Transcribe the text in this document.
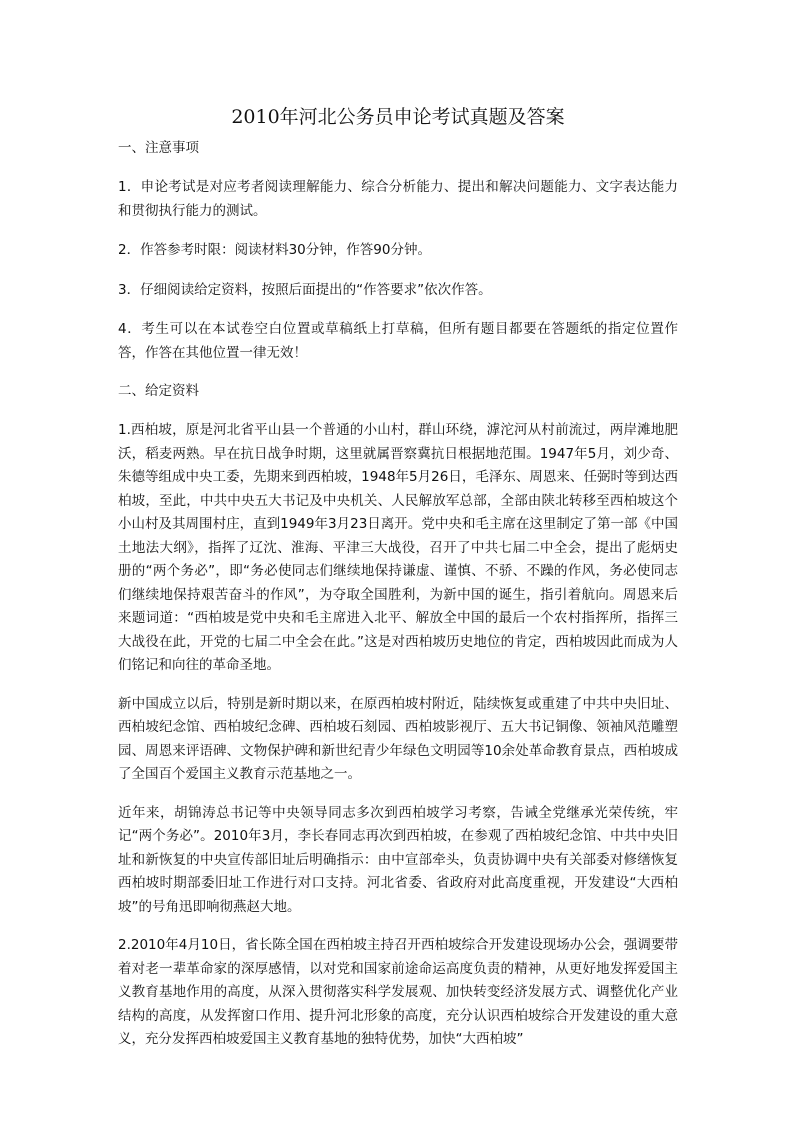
2010年河北公务员申论考试真题及答案
一、注意事项

1．申论考试是对应考者阅读理解能力、综合分析能力、提出和解决问题能力、文字表达能力和贯彻执行能力的测试。

2．作答参考时限：阅读材料30分钟，作答90分钟。

3．仔细阅读给定资料，按照后面提出的“作答要求”依次作答。

4．考生可以在本试卷空白位置或草稿纸上打草稿，但所有题目都要在答题纸的指定位置作答，作答在其他位置一律无效！

二、给定资料

1.西柏坡，原是河北省平山县一个普通的小山村，群山环绕，滹沱河从村前流过，两岸滩地肥沃，稻麦两熟。早在抗日战争时期，这里就属晋察冀抗日根据地范围。1947年5月，刘少奇、朱德等组成中央工委，先期来到西柏坡，1948年5月26日，毛泽东、周恩来、任弼时等到达西柏坡，至此，中共中央五大书记及中央机关、人民解放军总部，全部由陕北转移至西柏坡这个小山村及其周围村庄，直到1949年3月23日离开。党中央和毛主席在这里制定了第一部《中国土地法大纲》，指挥了辽沈、淮海、平津三大战役，召开了中共七届二中全会，提出了彪炳史册的“两个务必”，即“务必使同志们继续地保持谦虚、谨慎、不骄、不躁的作风，务必使同志们继续地保持艰苦奋斗的作风”，为夺取全国胜利，为新中国的诞生，指引着航向。周恩来后来题词道：“西柏坡是党中央和毛主席进入北平、解放全中国的最后一个农村指挥所，指挥三大战役在此，开党的七届二中全会在此。”这是对西柏坡历史地位的肯定，西柏坡因此而成为人们铭记和向往的革命圣地。

新中国成立以后，特别是新时期以来，在原西柏坡村附近，陆续恢复或重建了中共中央旧址、西柏坡纪念馆、西柏坡纪念碑、西柏坡石刻园、西柏坡影视厅、五大书记铜像、领袖风范雕塑园、周恩来评语碑、文物保护碑和新世纪青少年绿色文明园等10余处革命教育景点，西柏坡成了全国百个爱国主义教育示范基地之一。

近年来，胡锦涛总书记等中央领导同志多次到西柏坡学习考察，告诫全党继承光荣传统，牢记“两个务必”。2010年3月，李长春同志再次到西柏坡，在参观了西柏坡纪念馆、中共中央旧址和新恢复的中央宣传部旧址后明确指示：由中宣部牵头，负责协调中央有关部委对修缮恢复西柏坡时期部委旧址工作进行对口支持。河北省委、省政府对此高度重视，开发建设“大西柏坡”的号角迅即响彻燕赵大地。

2.2010年4月10日，省长陈全国在西柏坡主持召开西柏坡综合开发建设现场办公会，强调要带着对老一辈革命家的深厚感情，以对党和国家前途命运高度负责的精神，从更好地发挥爱国主义教育基地作用的高度，从深入贯彻落实科学发展观、加快转变经济发展方式、调整优化产业结构的高度，从发挥窗口作用、提升河北形象的高度，充分认识西柏坡综合开发建设的重大意义，充分发挥西柏坡爱国主义教育基地的独特优势，加快“大西柏坡”
